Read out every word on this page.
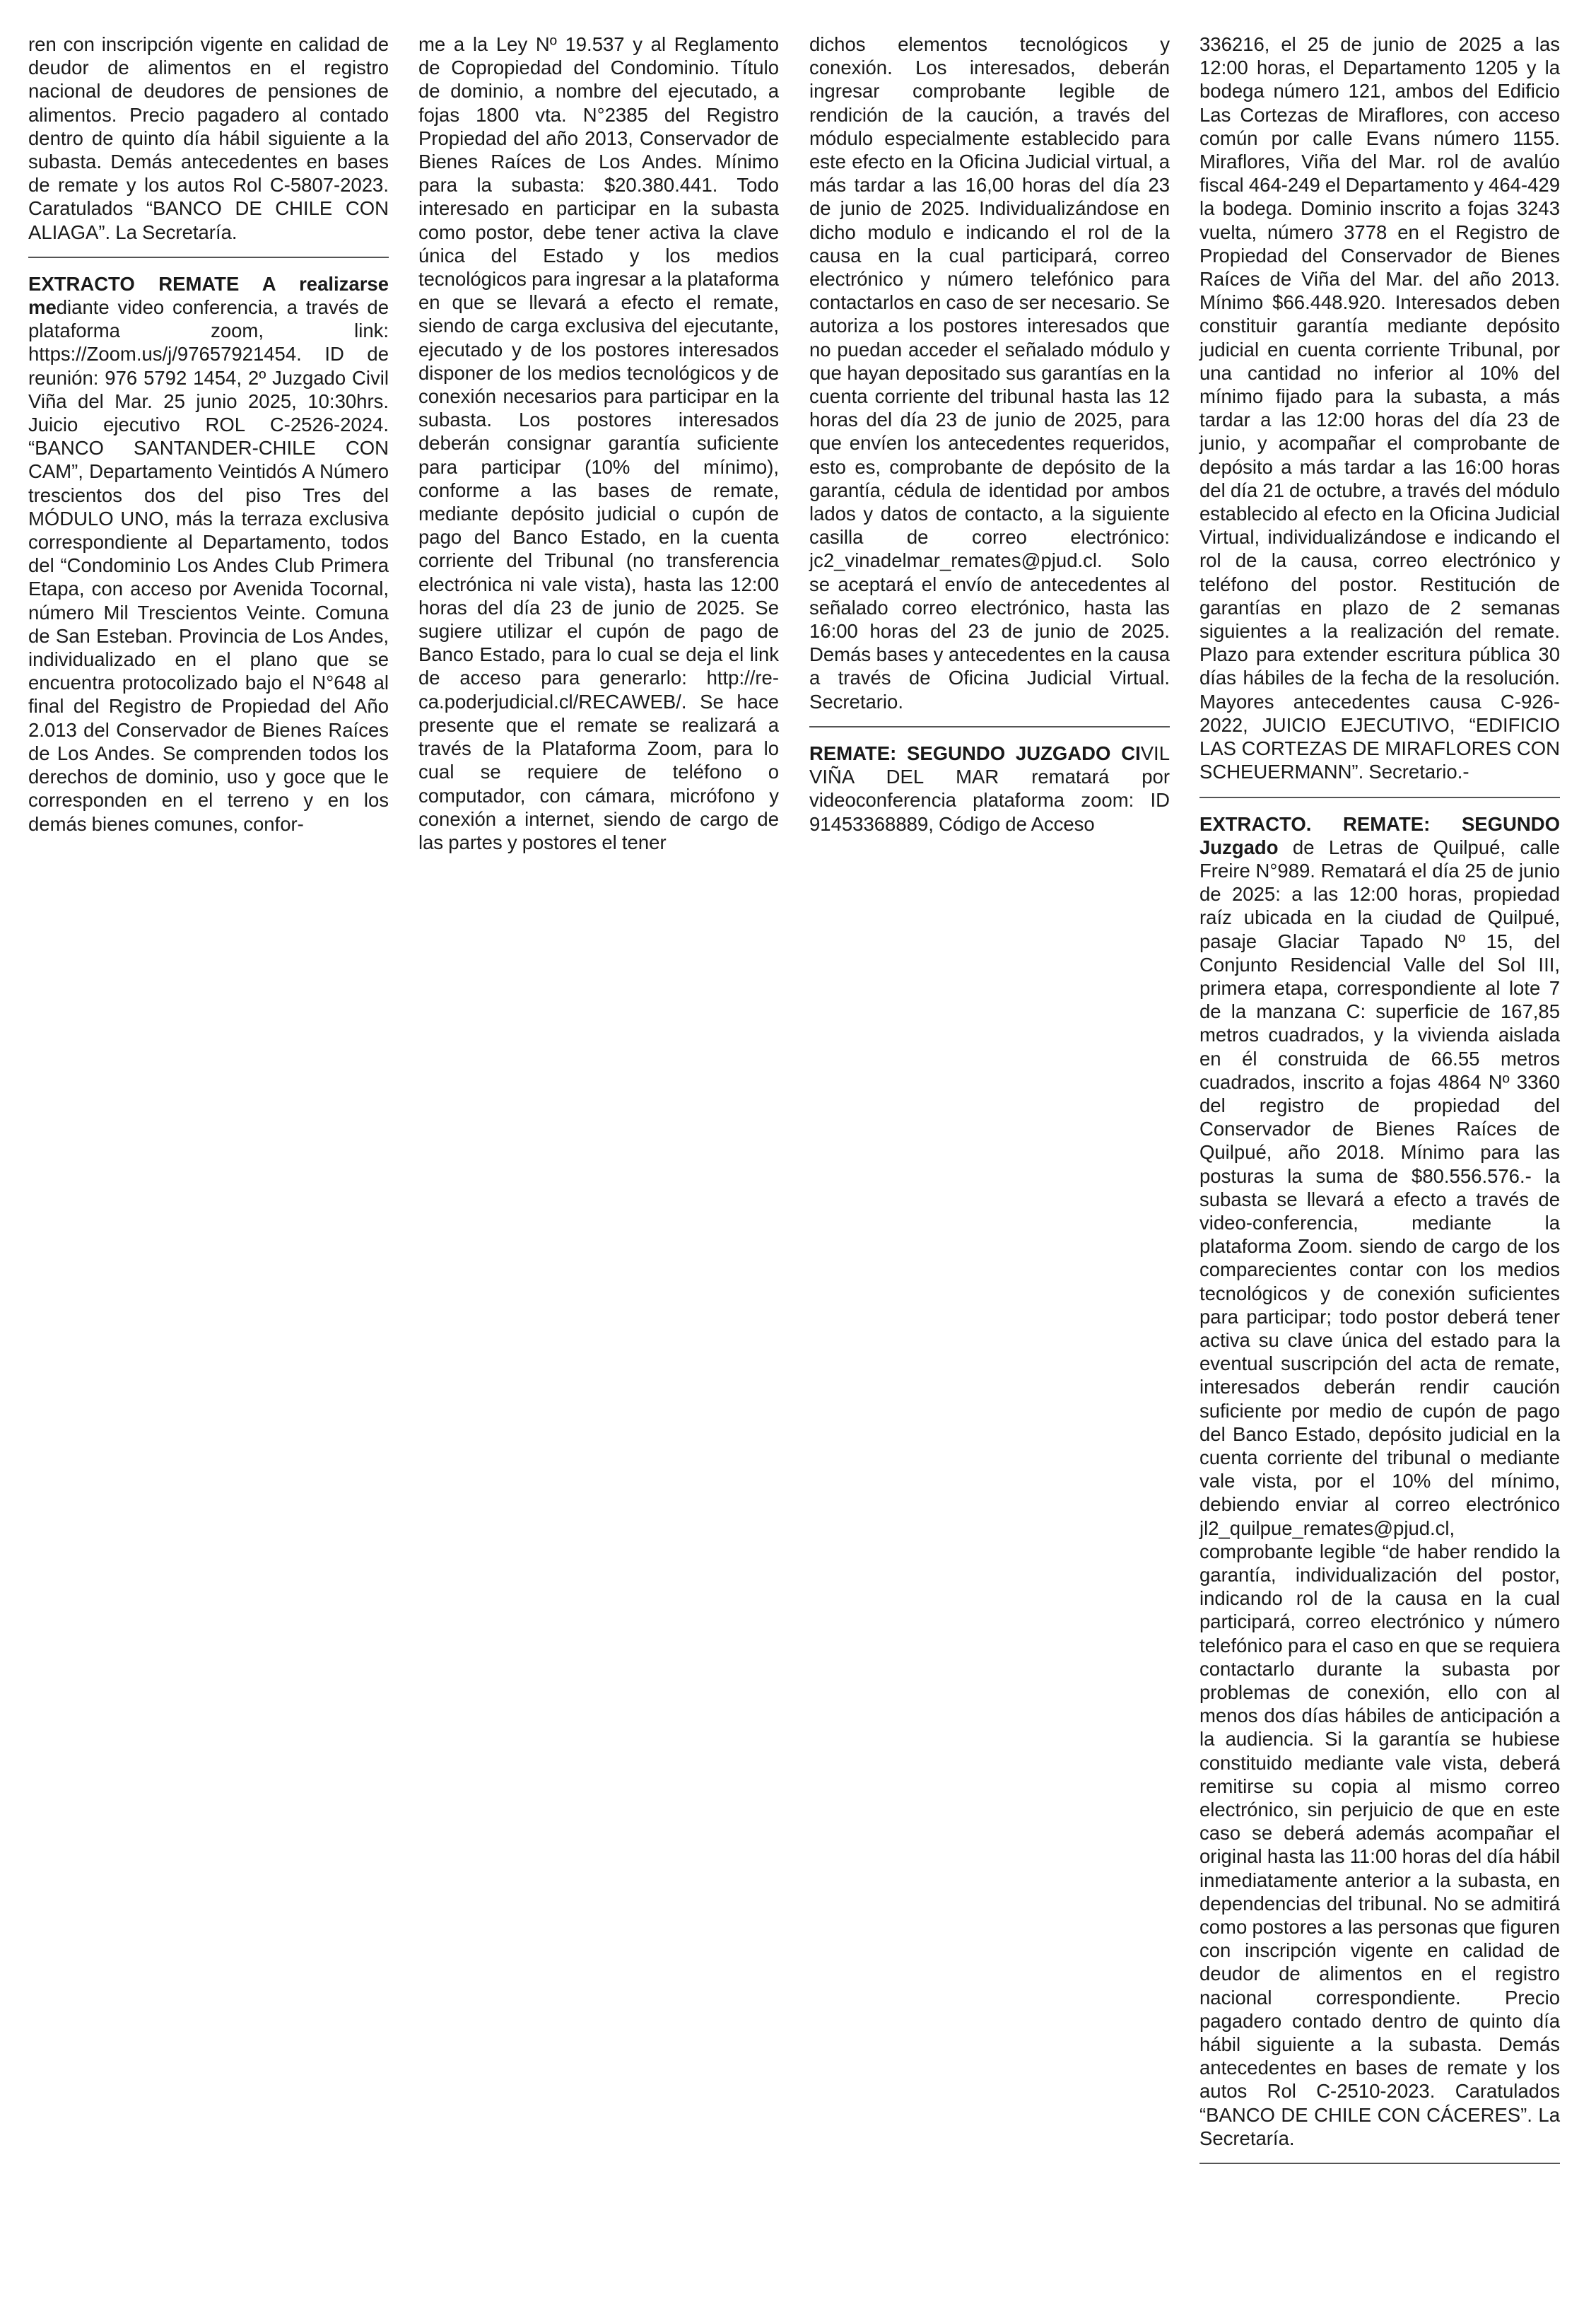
ren con inscripción vigente en calidad de deudor de alimentos en el registro nacional de deudores de pensiones de alimentos. Precio pagadero al contado dentro de quinto día hábil siguiente a la subasta. Demás antecedentes en bases de remate y los autos Rol C-5807-2023. Caratulados “BANCO DE CHILE CON ALIAGA”. La Secretaría.

EXTRACTO REMATE A realizarse mediante video conferencia, a través de plataforma zoom, link: https://Zoom.us/j/97657921454. ID de reunión: 976 5792 1454, 2º Juzgado Civil Viña del Mar. 25 junio 2025, 10:30hrs. Juicio ejecutivo ROL C-2526-2024. “BANCO SANTANDER-CHILE CON CAM”, Departamento Veintidós A Número trescientos dos del piso Tres del MÓDULO UNO, más la terraza exclusiva correspondiente al Departamento, todos del “Condominio Los Andes Club Primera Etapa, con acceso por Avenida Tocornal, número Mil Trescientos Veinte. Comuna de San Esteban. Provincia de Los Andes, individualizado en el plano que se encuentra protocolizado bajo el N°648 al final del Registro de Propiedad del Año 2.013 del Conservador de Bienes Raíces de Los Andes. Se comprenden todos los derechos de dominio, uso y goce que le corresponden en el terreno y en los demás bienes comunes, confor-

me a la Ley Nº 19.537 y al Reglamento de Copropiedad del Condominio. Título de dominio, a nombre del ejecutado, a fojas 1800 vta. N°2385 del Registro Propiedad del año 2013, Conservador de Bienes Raíces de Los Andes. Mínimo para la subasta: $20.380.441. Todo interesado en participar en la subasta como postor, debe tener activa la clave única del Estado y los medios tecnológicos para ingresar a la plataforma en que se llevará a efecto el remate, siendo de carga exclusiva del ejecutante, ejecutado y de los postores interesados disponer de los medios tecnológicos y de conexión necesarios para participar en la subasta. Los postores interesados deberán consignar garantía suficiente para participar (10% del mínimo), conforme a las bases de remate, mediante depósito judicial o cupón de pago del Banco Estado, en la cuenta corriente del Tribunal (no transferencia electrónica ni vale vista), hasta las 12:00 horas del día 23 de junio de 2025. Se sugiere utilizar el cupón de pago de Banco Estado, para lo cual se deja el link de acceso para generarlo: http://re-ca.poderjudicial.cl/RECAWEB/. Se hace presente que el remate se realizará a través de la Plataforma Zoom, para lo cual se requiere de teléfono o computador, con cámara, micrófono y conexión a internet, siendo de cargo de las partes y postores el tener

dichos elementos tecnológicos y conexión. Los interesados, deberán ingresar comprobante legible de rendición de la caución, a través del módulo especialmente establecido para este efecto en la Oficina Judicial virtual, a más tardar a las 16,00 horas del día 23 de junio de 2025. Individualizándose en dicho modulo e indicando el rol de la causa en la cual participará, correo electrónico y número telefónico para contactarlos en caso de ser necesario. Se autoriza a los postores interesados que no puedan acceder el señalado módulo y que hayan depositado sus garantías en la cuenta corriente del tribunal hasta las 12 horas del día 23 de junio de 2025, para que envíen los antecedentes requeridos, esto es, comprobante de depósito de la garantía, cédula de identidad por ambos lados y datos de contacto, a la siguiente casilla de correo electrónico: jc2_vinadelmar_remates@pjud.cl. Solo se aceptará el envío de antecedentes al señalado correo electrónico, hasta las 16:00 horas del 23 de junio de 2025. Demás bases y antecedentes en la causa a través de Oficina Judicial Virtual. Secretario.

REMATE: SEGUNDO JUZGADO CIVIL VIÑA DEL MAR rematará por videoconferencia plataforma zoom: ID 91453368889, Código de Acceso

336216, el 25 de junio de 2025 a las 12:00 horas, el Departamento 1205 y la bodega número 121, ambos del Edificio Las Cortezas de Miraflores, con acceso común por calle Evans número 1155. Miraflores, Viña del Mar. rol de avalúo fiscal 464-249 el Departamento y 464-429 la bodega. Dominio inscrito a fojas 3243 vuelta, número 3778 en el Registro de Propiedad del Conservador de Bienes Raíces de Viña del Mar. del año 2013. Mínimo $66.448.920. Interesados deben constituir garantía mediante depósito judicial en cuenta corriente Tribunal, por una cantidad no inferior al 10% del mínimo fijado para la subasta, a más tardar a las 12:00 horas del día 23 de junio, y acompañar el comprobante de depósito a más tardar a las 16:00 horas del día 21 de octubre, a través del módulo establecido al efecto en la Oficina Judicial Virtual, individualizándose e indicando el rol de la causa, correo electrónico y teléfono del postor. Restitución de garantías en plazo de 2 semanas siguientes a la realización del remate. Plazo para extender escritura pública 30 días hábiles de la fecha de la resolución. Mayores antecedentes causa C-926-2022, JUICIO EJECUTIVO, “EDIFICIO LAS CORTEZAS DE MIRAFLORES CON SCHEUERMANN”. Secretario.-

EXTRACTO. REMATE: SEGUNDO Juzgado de Letras de Quilpué, calle Freire N°989. Rematará el día 25 de junio de 2025: a las 12:00 horas, propiedad raíz ubicada en la ciudad de Quilpué, pasaje Glaciar Tapado Nº 15, del Conjunto Residencial Valle del Sol III, primera etapa, correspondiente al lote 7 de la manzana C: superficie de 167,85 metros cuadrados, y la vivienda aislada en él construida de 66.55 metros cuadrados, inscrito a fojas 4864 Nº 3360 del registro de propiedad del Conservador de Bienes Raíces de Quilpué, año 2018. Mínimo para las posturas la suma de $80.556.576.- la subasta se llevará a efecto a través de video-conferencia, mediante la plataforma Zoom. siendo de cargo de los comparecientes contar con los medios tecnológicos y de conexión suficientes para participar; todo postor deberá tener activa su clave única del estado para la eventual suscripción del acta de remate, interesados deberán rendir caución suficiente por medio de cupón de pago del Banco Estado, depósito judicial en la cuenta corriente del tribunal o mediante vale vista, por el 10% del mínimo, debiendo enviar al correo electrónico jl2_quilpue_remates@pjud.cl, comprobante legible “de haber rendido la garantía, individualización del postor, indicando rol de la causa en la cual participará, correo electrónico y número telefónico para el caso en que se requiera contactarlo durante la subasta por problemas de conexión, ello con al menos dos días hábiles de anticipación a la audiencia. Si la garantía se hubiese constituido mediante vale vista, deberá remitirse su copia al mismo correo electrónico, sin perjuicio de que en este caso se deberá además acompañar el original hasta las 11:00 horas del día hábil inmediatamente anterior a la subasta, en dependencias del tribunal. No se admitirá como postores a las personas que figuren con inscripción vigente en calidad de deudor de alimentos en el registro nacional correspondiente. Precio pagadero contado dentro de quinto día hábil siguiente a la subasta. Demás antecedentes en bases de remate y los autos Rol C-2510-2023. Caratulados “BANCO DE CHILE CON CÁCERES”. La Secretaría.
